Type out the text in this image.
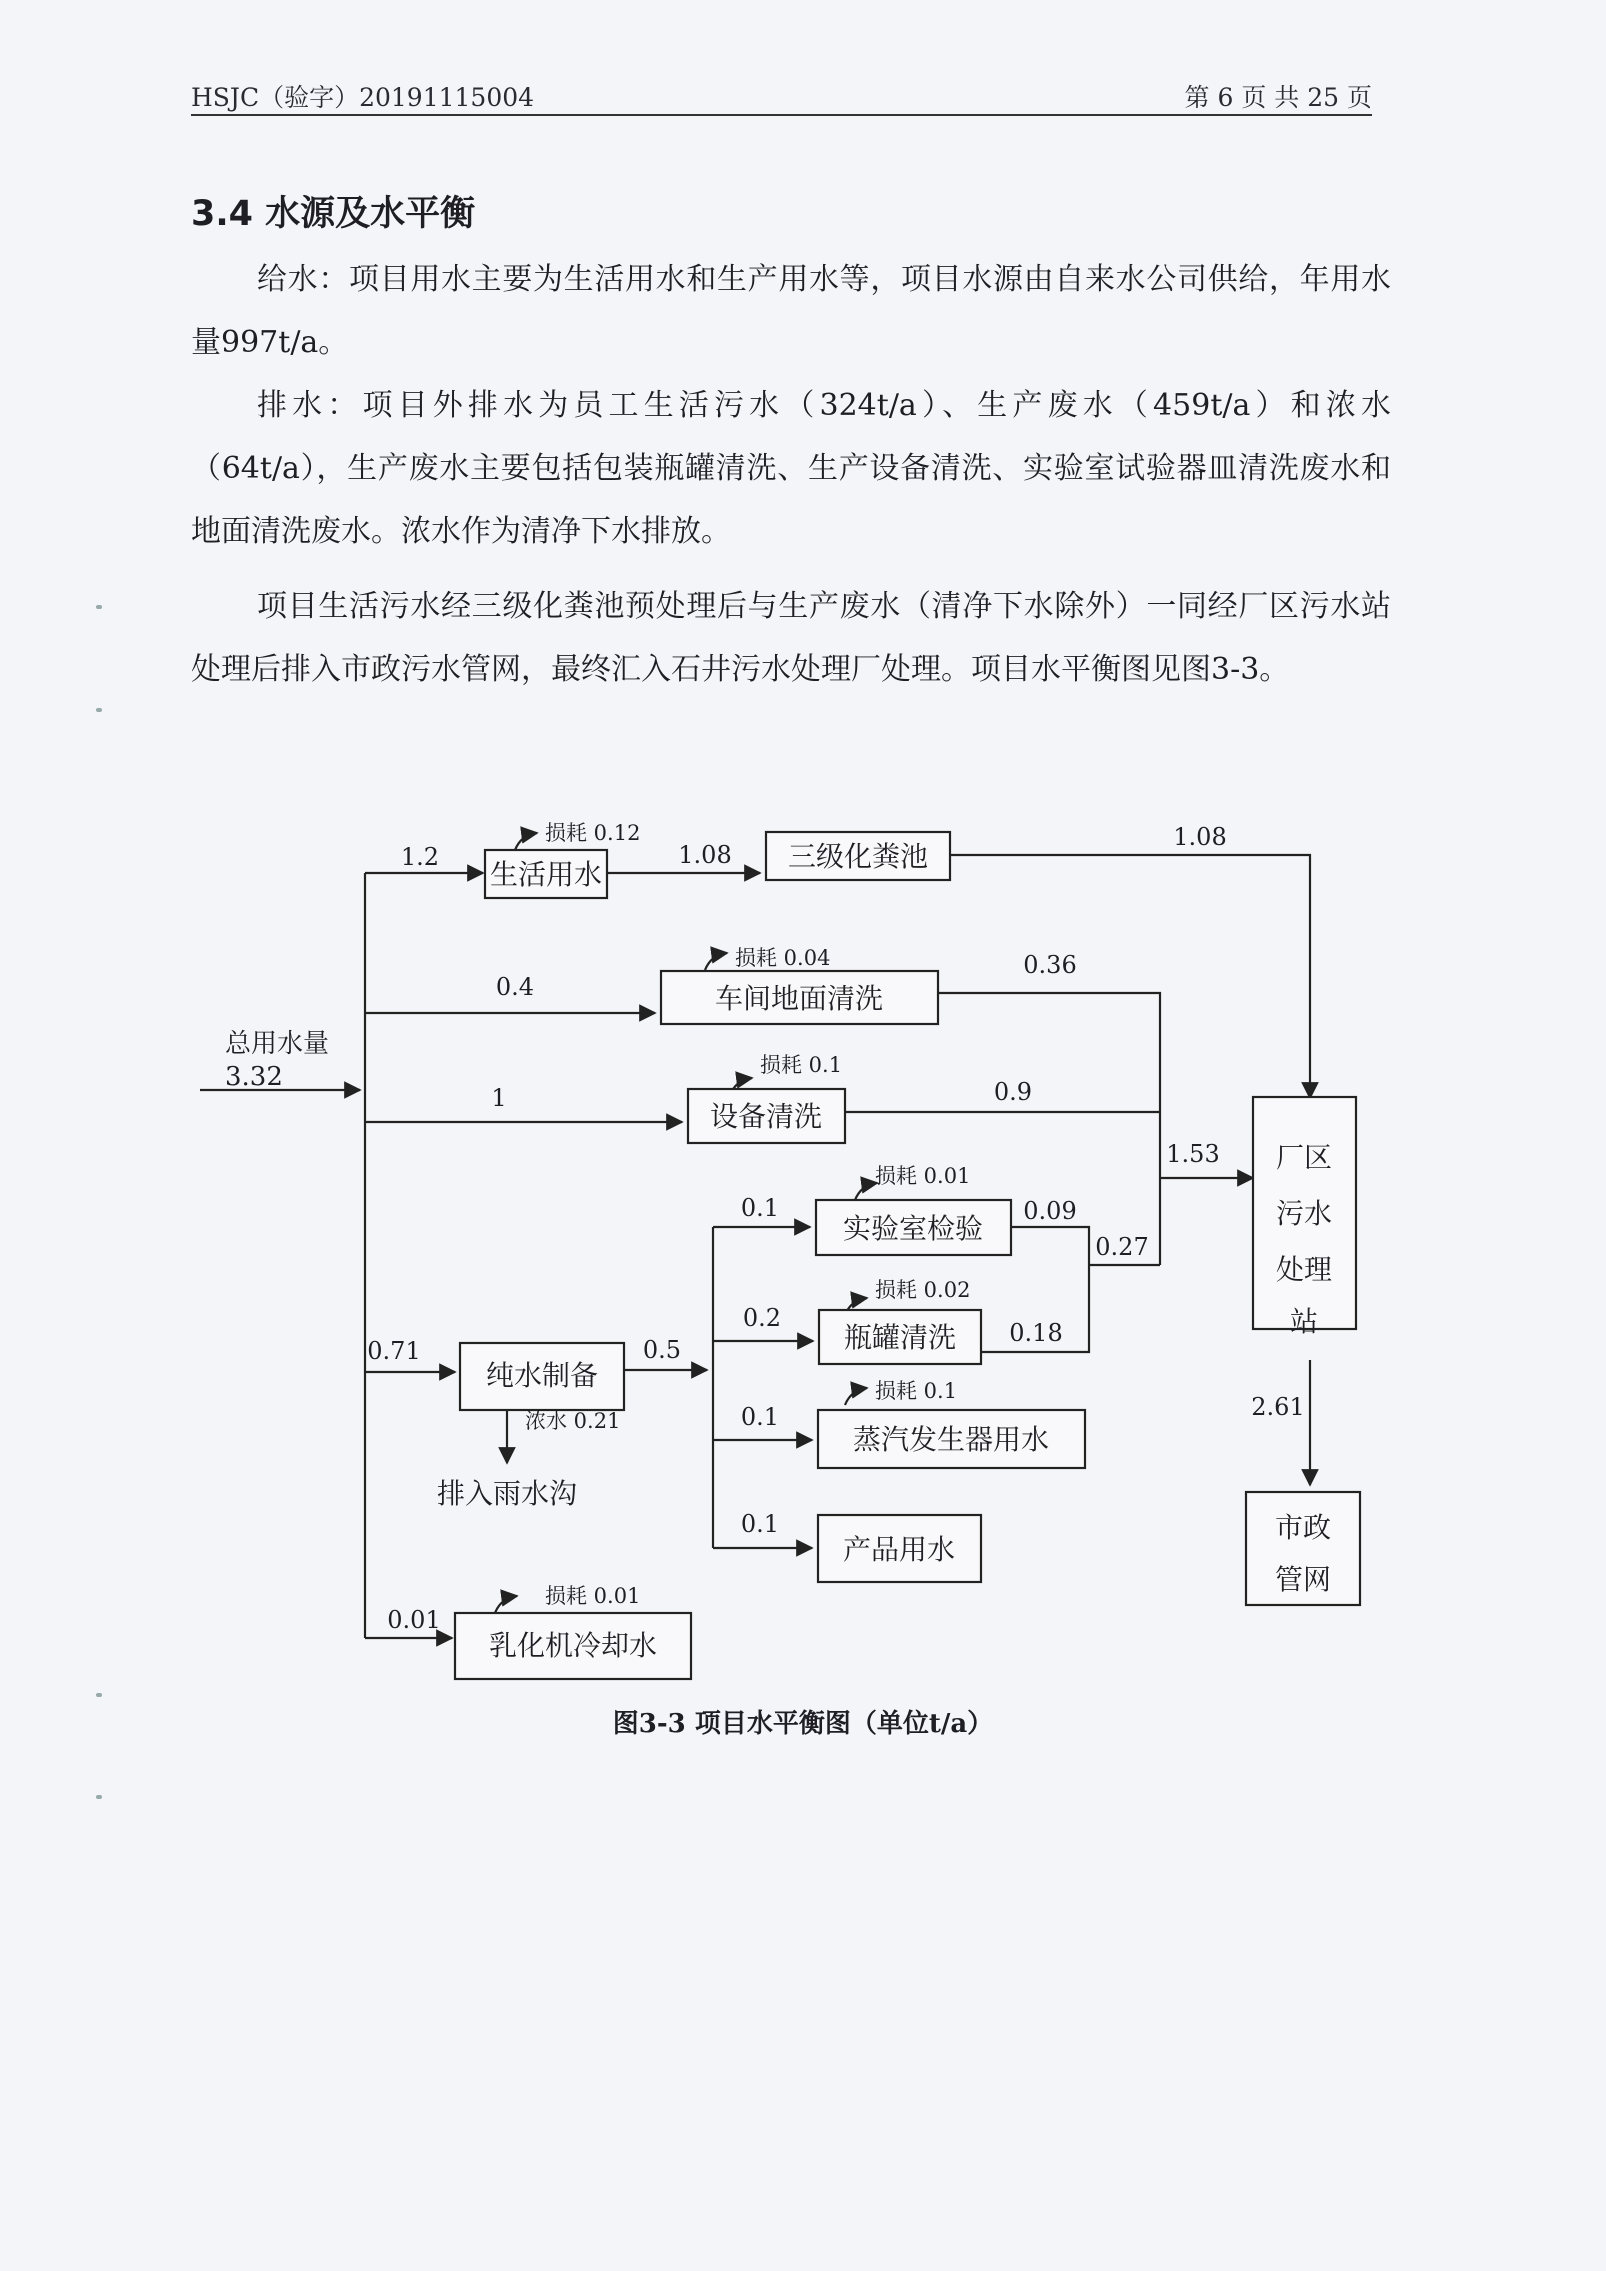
HSJC（验字）20191115004	第 6 页 共 25 页
3.4 水源及水平衡

给水：项目用水主要为生活用水和生产用水等，项目水源由自来水公司供给，年用水量997t/a。

排水：项目外排水为员工生活污水（324t/a）、生产废水（459t/a）和浓水（64t/a），生产废水主要包括包装瓶罐清洗、生产设备清洗、实验室试验器皿清洗废水和地面清洗废水。浓水作为清净下水排放。

项目生活污水经三级化粪池预处理后与生产废水（清净下水除外）一同经厂区污水站处理后排入市政污水管网，最终汇入石井污水处理厂处理。项目水平衡图见图3-3。

生活用水
三级化粪池
车间地面清洗
设备清洗
厂区
污水
处理
站
实验室检验
瓶罐清洗
蒸汽发生器用水
产品用水
纯水制备
乳化机冷却水
市政
管网
排入雨水沟
总用水量
3.32
1.2	1.08
1.08
0.4
0.36
1	0.9
1.53
0.71	0.5
0.1	0.09
0.27
0.2
0.18
0.1
0.1
0.01
2.61
损耗 0.12
损耗 0.04
损耗 0.1
损耗 0.01
损耗 0.02
损耗 0.1
损耗 0.01
浓水 0.21
图3-3 项目水平衡图（单位t/a）
